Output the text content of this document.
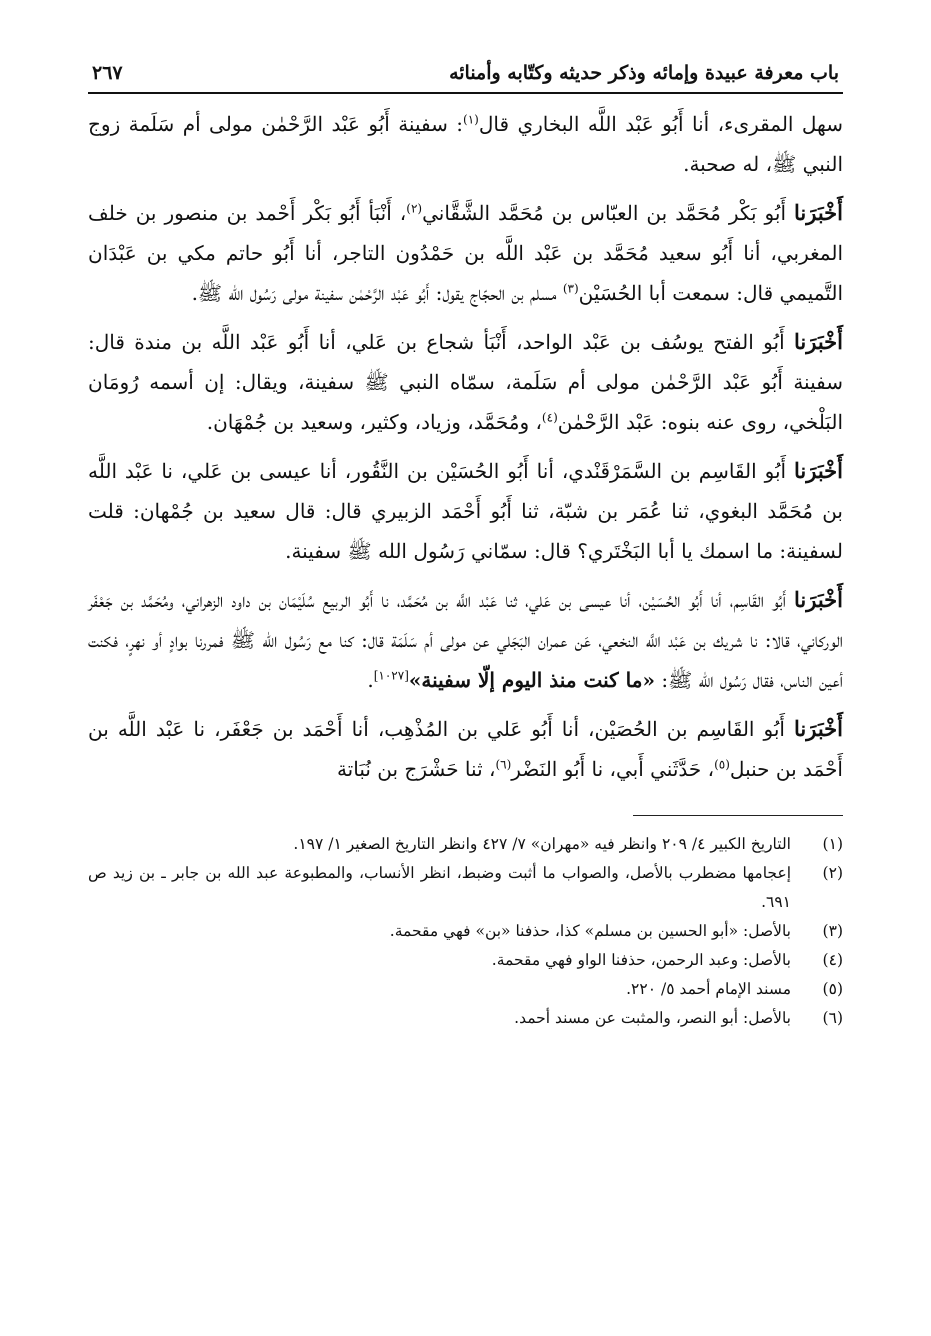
باب معرفة عبيدة وإمائه وذكر حديثه وكتّابه وأمنائه
٢٦٧

سهل المقرىء، أنا أَبُو عَبْد اللَّه البخاري قال$^{(١)}$: سفينة أَبُو عَبْد الرَّحْمٰن مولى أم سَلَمة زوج النبي ﷺ، له صحبة.

أَخْبَرَنا أَبُو بَكْر مُحَمَّد بن العبّاس بن مُحَمَّد الشَّقَّاني$^{(٢)}$، أَنْبَأ أَبُو بَكْر أَحْمد بن منصور بن خلف المغربي، أنا أَبُو سعيد مُحَمَّد بن عَبْد اللَّه بن حَمْدُون التاجر، أنا أَبُو حاتم مكي بن عَبْدَان التَّميمي قال: سمعت أبا الحُسَيْن$^{(٣)}$ مسلم بن الحجّاج يقول: أَبُو عَبْد الرَّحْمٰن سفينة مولى رَسُول الله ﷺ.

أَخْبَرَنا أَبُو الفتح يوسُف بن عَبْد الواحد، أَنْبَأ شجاع بن عَلي، أنا أَبُو عَبْد اللَّه بن مندة قال: سفينة أَبُو عَبْد الرَّحْمٰن مولى أم سَلَمة، سمّاه النبي ﷺ سفينة، ويقال: إن أسمه رُومَان البَلْخي، روى عنه بنوه: عَبْد الرَّحْمٰن$^{(٤)}$، ومُحَمَّد، وزياد، وكثير، وسعيد بن جُمْهَان.

أَخْبَرَنا أَبُو القَاسِم بن السَّمَرْقَنْدي، أنا أَبُو الحُسَيْن بن النَّقُور، أنا عيسى بن عَلي، نا عَبْد اللَّه بن مُحَمَّد البغوي، ثنا عُمَر بن شبّة، ثنا أَبُو أَحْمَد الزبيري قال: قال سعيد بن جُمْهان: قلت لسفينة: ما اسمك يا أبا البَخْتَري؟ قال: سمّاني رَسُول الله ﷺ سفينة.

أَخْبَرَنا أَبُو القَاسِم، أنا أَبُو الحُسَيْن، أنا عيسى بن عَلي، ثنا عَبْد اللَّه بن مُحَمَّد، نا أَبُو الربيع سُلَيْمَان بن داود الزهراني، ومُحَمَّد بن جَعْفَر الوركاني، قالا: نا شريك بن عَبْد اللَّه النخعي، عَن عمران البَجَلي عن مولى أم سَلَمَة قال: كنا مع رَسُول الله ﷺ فمررنا بوادٍ أو نهرٍ، فكنت أعين الناس، فقال رَسُول الله ﷺ: «ما كنت منذ اليوم إلّا سفينة»[١٠٢٧].

أَخْبَرَنا أَبُو القَاسِم بن الحُصَيْن، أنا أَبُو عَلي بن المُذْهِب، أنا أَحْمَد بن جَعْفَر، نا عَبْد اللَّه بن أَحْمَد بن حنبل$^{(٥)}$، حَدَّثَني أَبي، نا أَبُو النَضْر$^{(٦)}$، ثنا حَشْرَج بن نُبَاتة

(١)
التاريخ الكبير ٤/ ٢٠٩ وانظر فيه «مهران» ٧/ ٤٢٧ وانظر التاريخ الصغير ١/ ١٩٧.
(٢)
إعجامها مضطرب بالأصل، والصواب ما أثبت وضبط، انظر الأنساب، والمطبوعة عبد الله بن جابر ـ بن زيد ص ٦٩١.
(٣)
بالأصل: «أبو الحسين بن مسلم» كذا، حذفنا «بن» فهي مقحمة.
(٤)
بالأصل: وعبد الرحمن، حذفنا الواو فهي مقحمة.
(٥)
مسند الإمام أحمد ٥/ ٢٢٠.
(٦)
بالأصل: أبو النصر، والمثبت عن مسند أحمد.
